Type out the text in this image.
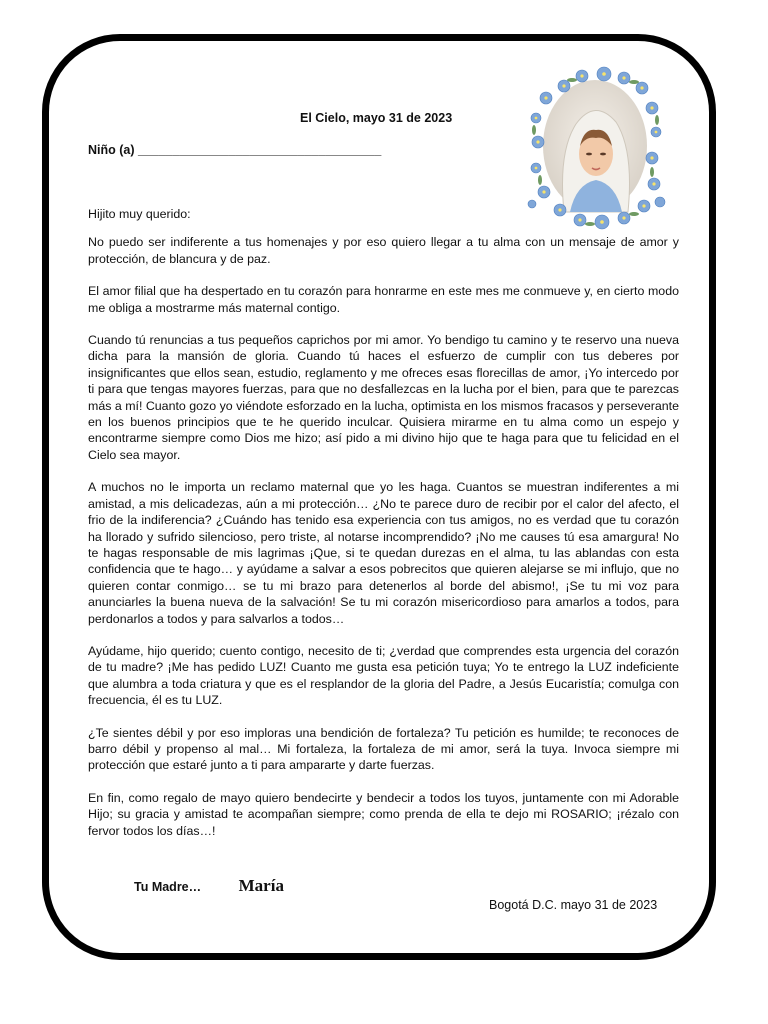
El Cielo, mayo 31 de 2023
Niño (a) ___________________________________

Hijito muy querido:

No puedo ser indiferente a tus homenajes y por eso quiero llegar a tu alma con un mensaje de amor y protección, de blancura y de paz.

El amor filial que ha despertado en tu corazón para honrarme en este mes me conmueve y, en cierto modo me obliga a mostrarme más maternal contigo.

Cuando tú renuncias a tus pequeños caprichos por mi amor. Yo bendigo tu camino y te reservo una nueva dicha para la mansión de gloria. Cuando tú haces el esfuerzo de cumplir con tus deberes por insignificantes que ellos sean, estudio, reglamento y me ofreces esas florecillas de amor, ¡Yo intercedo por ti para que tengas mayores fuerzas, para que no desfallezcas en la lucha por el bien, para que te parezcas más a mí! Cuanto gozo yo viéndote esforzado en la lucha, optimista en los mismos fracasos y perseverante en los buenos principios que te he querido inculcar. Quisiera mirarme en tu alma como un espejo y encontrarme siempre como Dios me hizo; así pido a mi divino hijo que te haga para que tu felicidad en el Cielo sea mayor.

A muchos no le importa un reclamo maternal que yo les haga. Cuantos se muestran indiferentes a mi amistad, a mis delicadezas, aún a mi protección… ¿No te parece duro de recibir por el calor del afecto, el frio de la indiferencia? ¿Cuándo has tenido esa experiencia con tus amigos, no es verdad que tu corazón ha llorado y sufrido silencioso, pero triste, al notarse incomprendido? ¡No me causes tú esa amargura! No te hagas responsable de mis lagrimas ¡Que, si te quedan durezas en el alma, tu las ablandas con esta confidencia que te hago… y ayúdame a salvar a esos pobrecitos que quieren alejarse se mi influjo, que no quieren contar conmigo… se tu mi brazo para detenerlos al borde del abismo!, ¡Se tu mi voz para anunciarles la buena nueva de la salvación! Se tu mi corazón misericordioso para amarlos a todos, para perdonarlos a todos y para salvarlos a todos…

Ayúdame, hijo querido; cuento contigo, necesito de ti; ¿verdad que comprendes esta urgencia del corazón de tu madre? ¡Me has pedido LUZ! Cuanto me gusta esa petición tuya; Yo te entrego la LUZ indeficiente que alumbra a toda criatura y que es el resplandor de la gloria del Padre, a Jesús Eucaristía; comulga con frecuencia, él es tu LUZ.

¿Te sientes débil y por eso imploras una bendición de fortaleza? Tu petición es humilde; te reconoces de barro débil y propenso al mal… Mi fortaleza, la fortaleza de mi amor, será la tuya. Invoca siempre mi protección que estaré junto a ti para ampararte y darte fuerzas.

En fin, como regalo de mayo quiero bendecirte y bendecir a todos los tuyos, juntamente con mi Adorable Hijo; su gracia y amistad te acompañan siempre; como prenda de ella te dejo mi ROSARIO; ¡rézalo con fervor todos los días…!

Tu Madre… María
Bogotá D.C. mayo 31 de 2023
